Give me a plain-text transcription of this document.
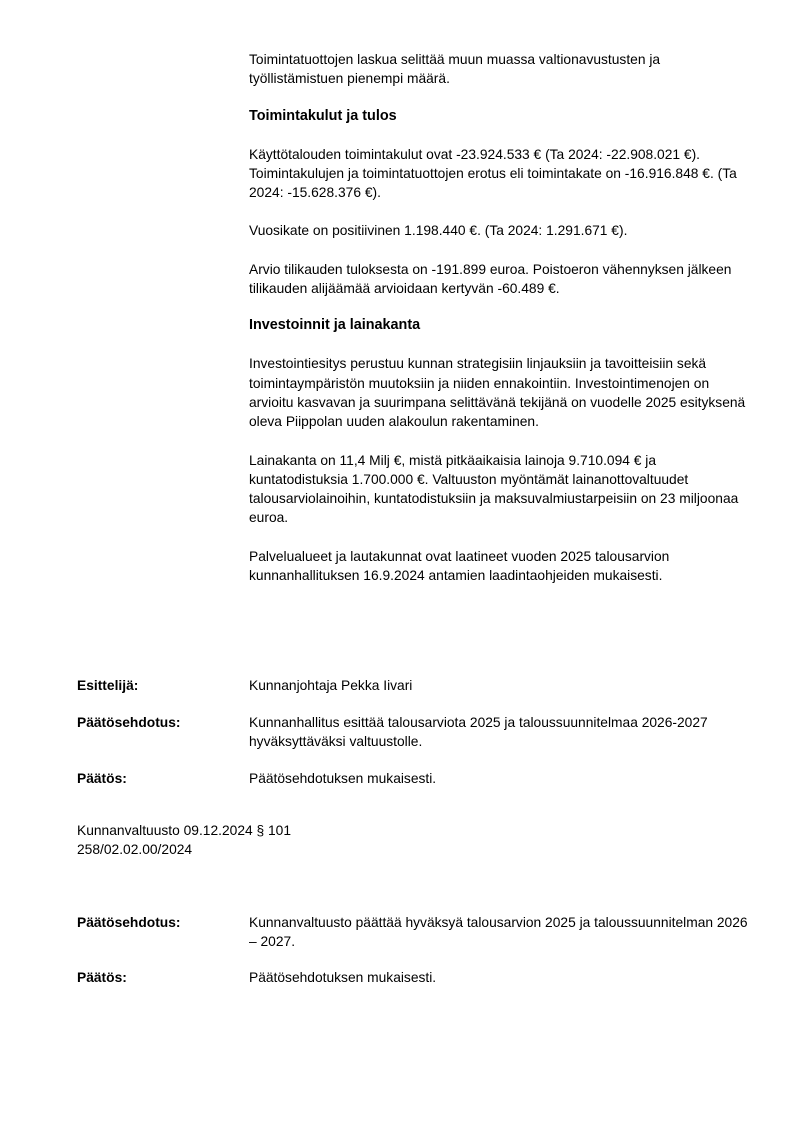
Toimintatuottojen laskua selittää muun muassa valtionavustusten ja työllistämistuen pienempi määrä.

Toimintakulut ja tulos

Käyttötalouden toimintakulut ovat -23.924.533 € (Ta 2024: -22.908.021 €). Toimintakulujen ja toimintatuottojen erotus eli toimintakate on -16.916.848 €. (Ta 2024: -15.628.376 €).

Vuosikate on positiivinen 1.198.440 €. (Ta 2024: 1.291.671 €).

Arvio tilikauden tuloksesta on -191.899 euroa. Poistoeron vähennyksen jälkeen tilikauden alijäämää arvioidaan kertyvän -60.489 €.

Investoinnit ja lainakanta

Investointiesitys perustuu kunnan strategisiin linjauksiin ja tavoitteisiin sekä toimintaympäristön muutoksiin ja niiden ennakointiin. Investointimenojen on arvioitu kasvavan ja suurimpana selittävänä tekijänä on vuodelle 2025 esityksenä oleva Piippolan uuden alakoulun rakentaminen.

Lainakanta on 11,4 Milj €, mistä pitkäaikaisia lainoja 9.710.094 € ja kuntatodistuksia 1.700.000 €. Valtuuston myöntämät lainanottovaltuudet talousarviolainoihin, kuntatodistuksiin ja maksuvalmiustarpeisiin on 23 miljoonaa euroa.

Palvelualueet ja lautakunnat ovat laatineet vuoden 2025 talousarvion kunnanhallituksen 16.9.2024 antamien laadintaohjeiden mukaisesti.

Esittelijä:	Kunnanjohtaja Pekka Iivari
Päätösehdotus:	Kunnanhallitus esittää talousarviota 2025 ja taloussuunnitelmaa 2026-2027 hyväksyttäväksi valtuustolle.
Päätös:	Päätösehdotuksen mukaisesti.
Kunnanvaltuusto 09.12.2024 § 101
258/02.02.00/2024
Päätösehdotus:	Kunnanvaltuusto päättää hyväksyä talousarvion 2025 ja taloussuunnitelman 2026 – 2027.
Päätös:	Päätösehdotuksen mukaisesti.
